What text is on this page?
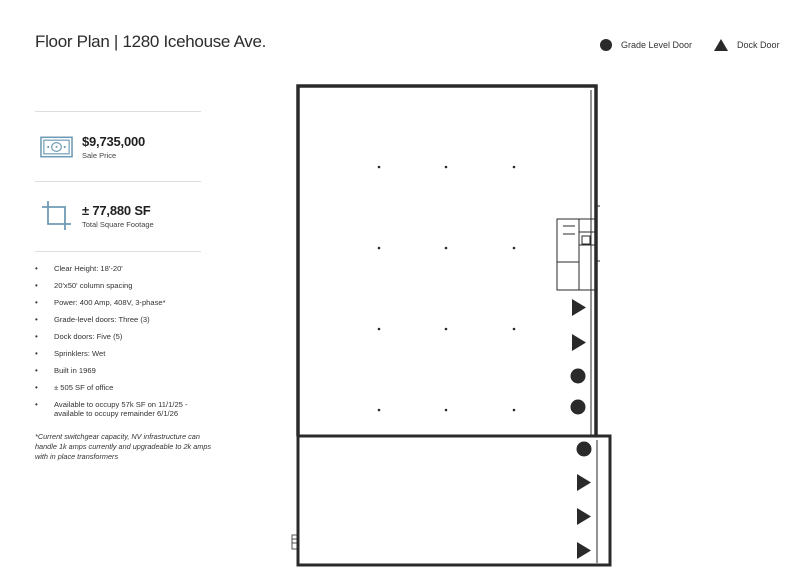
Floor Plan | 1280 Icehouse Ave.	Grade Level Door	Dock Door
$9,735,000
Sale Price
± 77,880 SF
Total Square Footage
• Clear Height: 18'-20'
• 20'x50' column spacing
• Power: 400 Amp, 408V, 3-phase*
• Grade-level doors: Three (3)
• Dock doors: Five (5)
• Sprinklers: Wet
• Built in 1969
• ± 505 SF of office
• Available to occupy 57k SF on 11/1/25 - available to occupy remainder 6/1/26
*Current switchgear capacity, NV infrastructure can handle 1k amps currently and upgradeable to 2k amps with in place transformers
